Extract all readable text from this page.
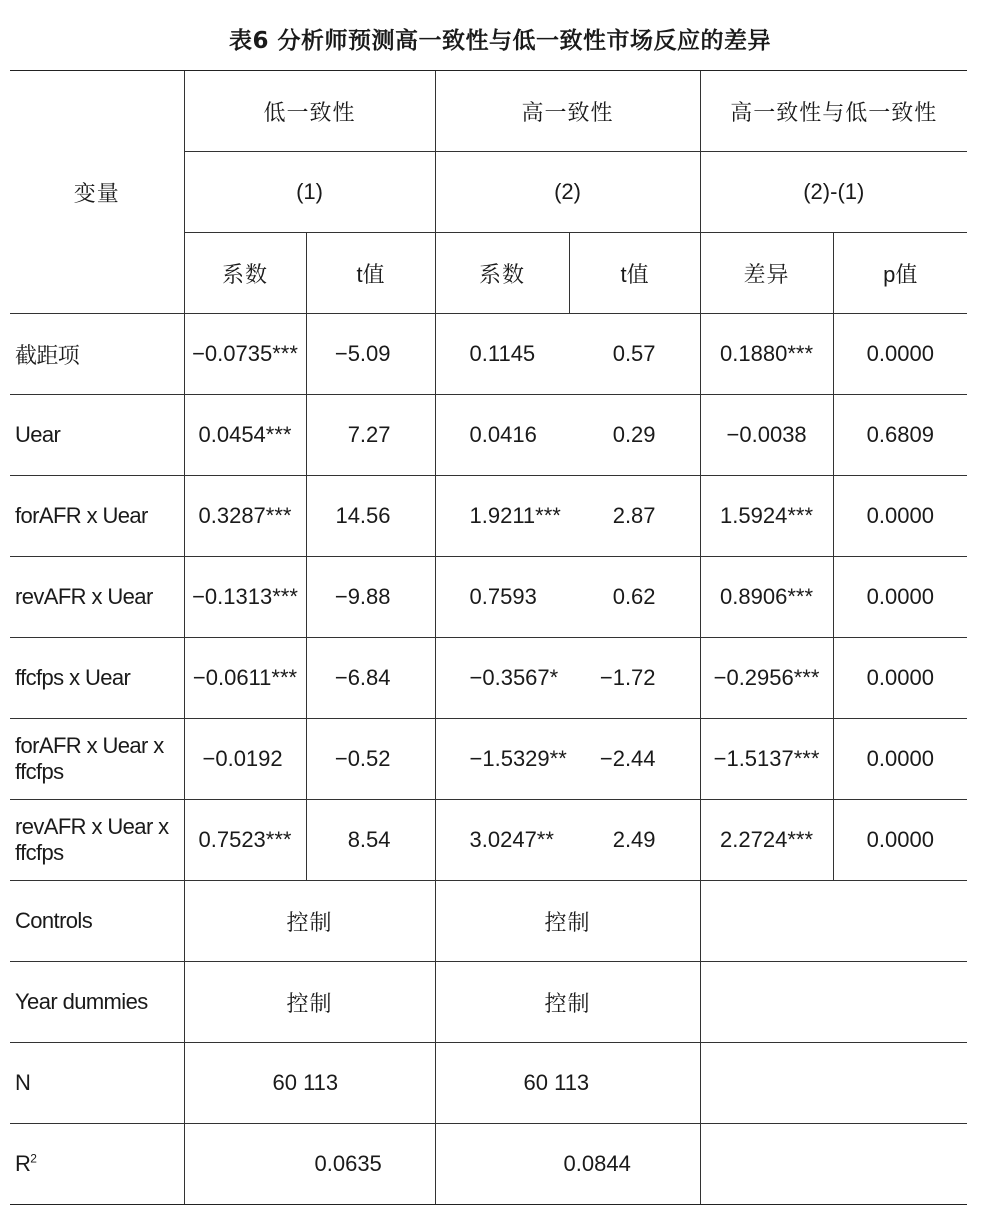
表6 分析师预测高一致性与低一致性市场反应的差异
变量	低一致性		高一致性		高一致性与低一致性	
	(1)		(2)		(2)-(1)	
	系数	t值	系数	t值	差异	p值
截距项	−0.0735***	−5.09	0.1145	0.57	0.1880***	0.0000
Uear	0.0454***	7.27	0.0416	0.29	−0.0038	0.6809
forAFR x Uear	0.3287***	14.56	1.9211***	2.87	1.5924***	0.0000
revAFR x Uear	−0.1313***	−9.88	0.7593	0.62	0.8906***	0.0000
ffcfps x Uear	−0.0611***	−6.84	−0.3567*	−1.72	−0.2956***	0.0000
forAFR x Uear x ffcfps	−0.0192	−0.52	−1.5329**	−2.44	−1.5137***	0.0000
revAFR x Uear x ffcfps	0.7523***	8.54	3.0247**	2.49	2.2724***	0.0000
Controls	控制		控制			
Year dummies	控制		控制			
N	60 113		60 113			
$R^2$	0.0635		0.0844			
